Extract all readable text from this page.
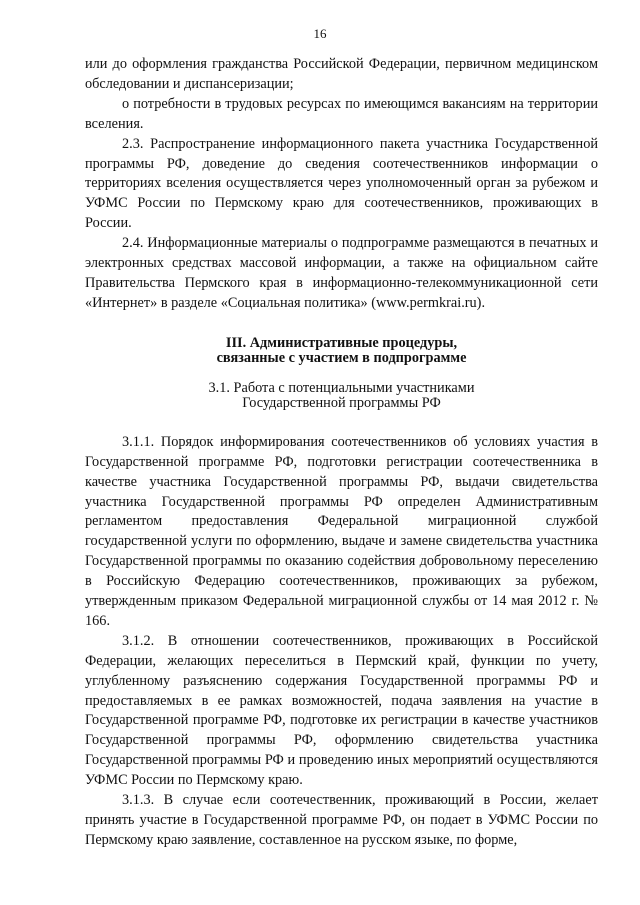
16

или до оформления гражданства Российской Федерации, первичном медицинском обследовании и диспансеризации;

о потребности в трудовых ресурсах по имеющимся вакансиям на территории вселения.

2.3. Распространение информационного пакета участника Государственной программы РФ, доведение до сведения соотечественников информации о территориях вселения осуществляется через уполномоченный орган за рубежом и УФМС России по Пермскому краю для соотечественников, проживающих в России.

2.4. Информационные материалы о подпрограмме размещаются в печатных и электронных средствах массовой информации, а также на официальном сайте Правительства Пермского края в информационно-телекоммуникационной сети «Интернет» в разделе «Социальная политика» (www.permkrai.ru).

III. Административные процедуры,
связанные с участием в подпрограмме
3.1. Работа с потенциальными участниками
Государственной программы РФ

3.1.1. Порядок информирования соотечественников об условиях участия в Государственной программе РФ, подготовки регистрации соотечественника в качестве участника Государственной программы РФ, выдачи свидетельства участника Государственной программы РФ определен Административным регламентом предоставления Федеральной миграционной службой государственной услуги по оформлению, выдаче и замене свидетельства участника Государственной программы по оказанию содействия добровольному переселению в Российскую Федерацию соотечественников, проживающих за рубежом, утвержденным приказом Федеральной миграционной службы от 14 мая 2012 г. № 166.

3.1.2. В отношении соотечественников, проживающих в Российской Федерации, желающих переселиться в Пермский край, функции по учету, углубленному разъяснению содержания Государственной программы РФ и предоставляемых в ее рамках возможностей, подача заявления на участие в Государственной программе РФ, подготовке их регистрации в качестве участников Государственной программы РФ, оформлению свидетельства участника Государственной программы РФ и проведению иных мероприятий осуществляются УФМС России по Пермскому краю.

3.1.3. В случае если соотечественник, проживающий в России, желает принять участие в Государственной программе РФ, он подает в УФМС России по Пермскому краю заявление, составленное на русском языке, по форме,
